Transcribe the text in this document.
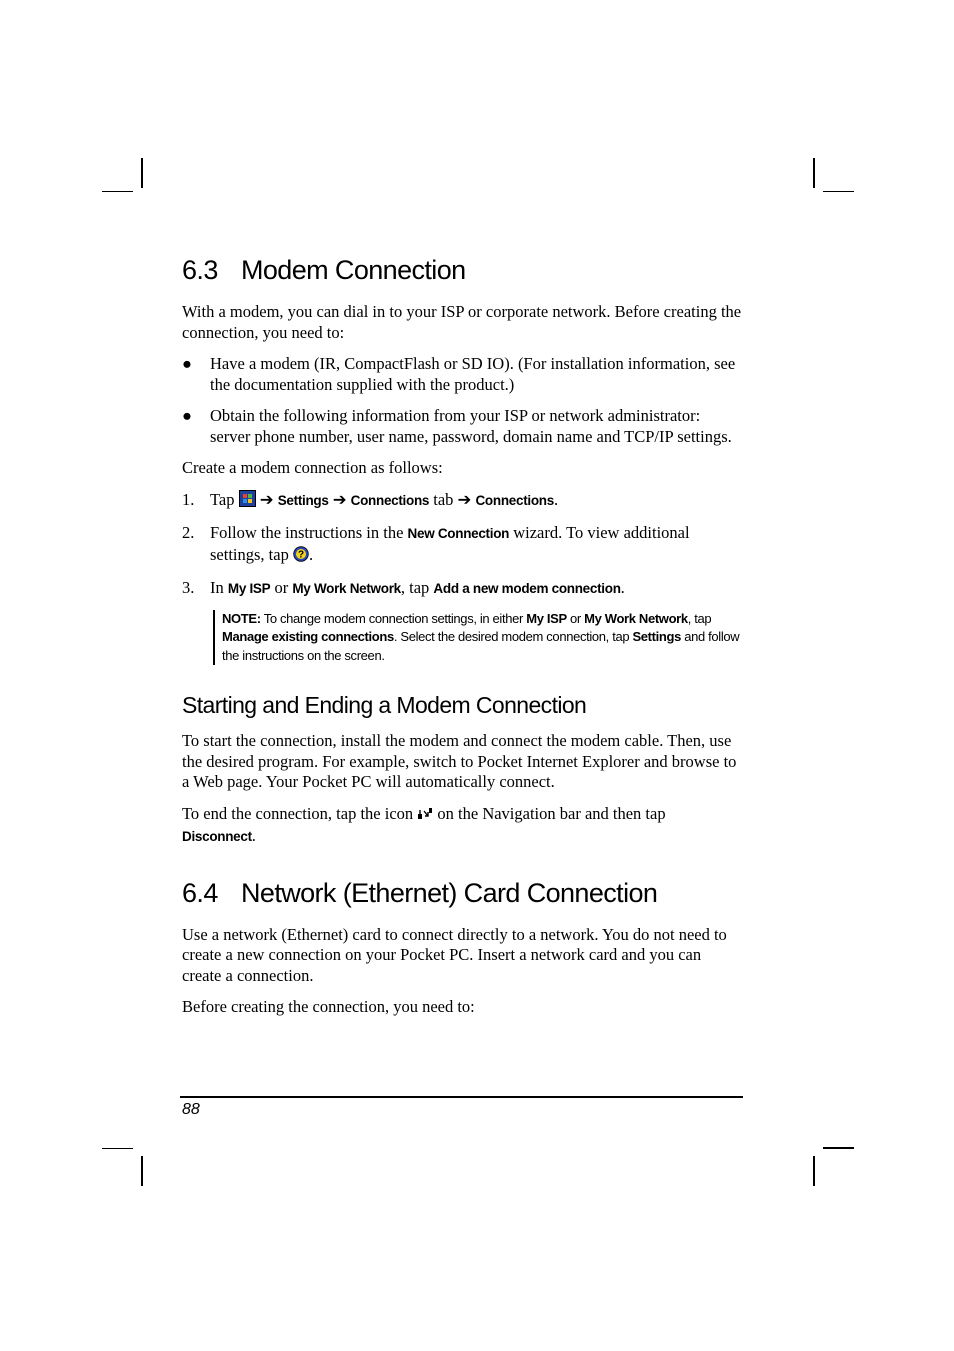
6.3 Modem Connection

With a modem, you can dial in to your ISP or corporate network. Before creating the connection, you need to:

● Have a modem (IR, CompactFlash or SD IO). (For installation information, see the documentation supplied with the product.)
● Obtain the following information from your ISP or network administrator: server phone number, user name, password, domain name and TCP/IP settings.

Create a modem connection as follows:

1. Tap ➔ Settings ➔ Connections tab ➔ Connections.
2. Follow the instructions in the New Connection wizard. To view additional settings, tap ? .
3. In My ISP or My Work Network, tap Add a new modem connection.
NOTE: To change modem connection settings, in either My ISP or My Work Network, tap Manage existing connections. Select the desired modem connection, tap Settings and follow the instructions on the screen.
Starting and Ending a Modem Connection

To start the connection, install the modem and connect the modem cable. Then, use the desired program. For example, switch to Pocket Internet Explorer and browse to a Web page. Your Pocket PC will automatically connect.

To end the connection, tap the icon on the Navigation bar and then tap
Disconnect.

6.4 Network (Ethernet) Card Connection

Use a network (Ethernet) card to connect directly to a network. You do not need to create a new connection on your Pocket PC. Insert a network card and you can create a connection.

Before creating the connection, you need to:

88
